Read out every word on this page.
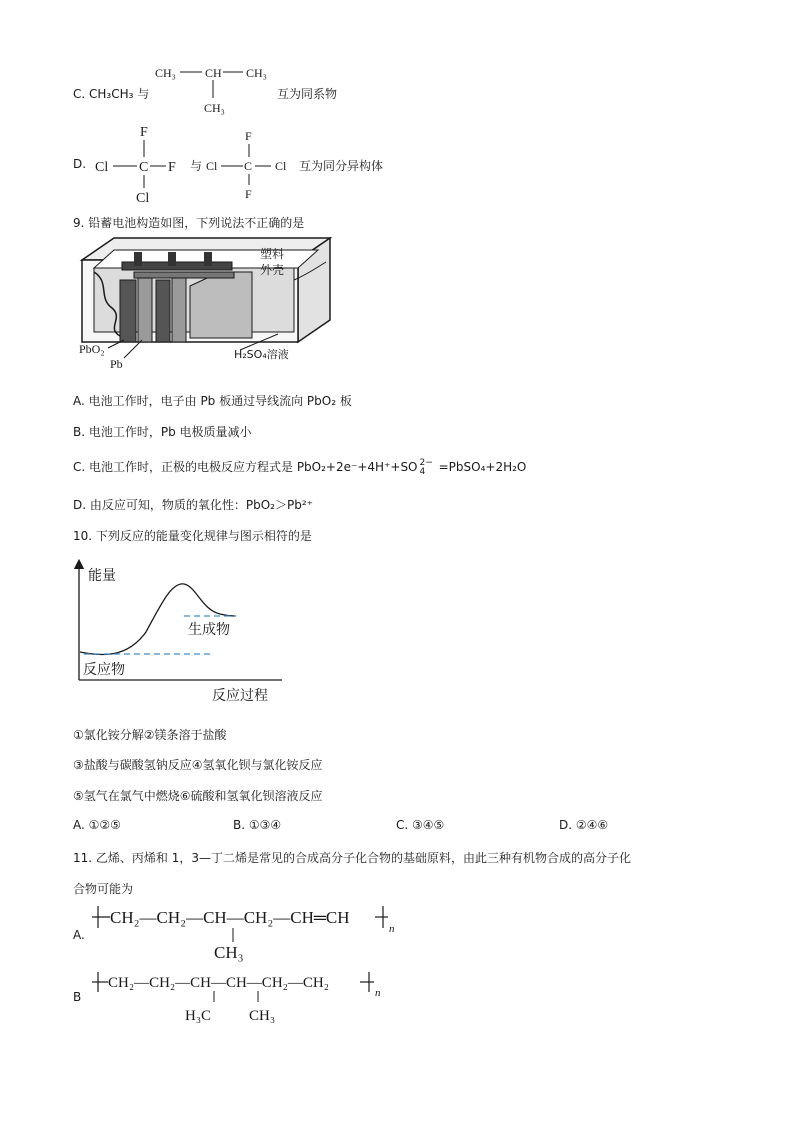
C. CH₃CH₃ 与
CH₃ CH CH₃
CH₃
互为同系物
D.
F
Cl C F
Cl
与
F
Cl C Cl
F
互为同分异构体
9. 铅蓄电池构造如图，下列说法不正确的是
塑料
外壳
PbO₂
Pb
H₂SO₄溶液
A. 电池工作时，电子由 Pb 板通过导线流向 PbO₂ 板
B. 电池工作时，Pb 电极质量减小
C. 电池工作时，正极的电极反应方程式是 PbO₂+2e⁻+4H⁺+SO 2−
4 =PbSO₄+2H₂O
D. 由反应可知，物质的氧化性：PbO₂＞Pb²⁺
10. 下列反应的能量变化规律与图示相符的是
能量
生成物
反应物
反应过程
①氯化铵分解②镁条溶于盐酸
③盐酸与碳酸氢钠反应④氢氧化钡与氯化铵反应
⑤氢气在氯气中燃烧⑥硫酸和氢氧化钡溶液反应
A. ①②⑤	B. ①③④	C. ③④⑤	D. ②④⑥
11. 乙烯、丙烯和 1，3—丁二烯是常见的合成高分子化合物的基础原料，由此三种有机物合成的高分子化
合物可能为
A.
CH₂—CH₂—CH—CH₂—CH═CH
n
CH₃
B
CH₂—CH₂—CH—CH—CH₂—CH₂
n
H₃C	CH₃
